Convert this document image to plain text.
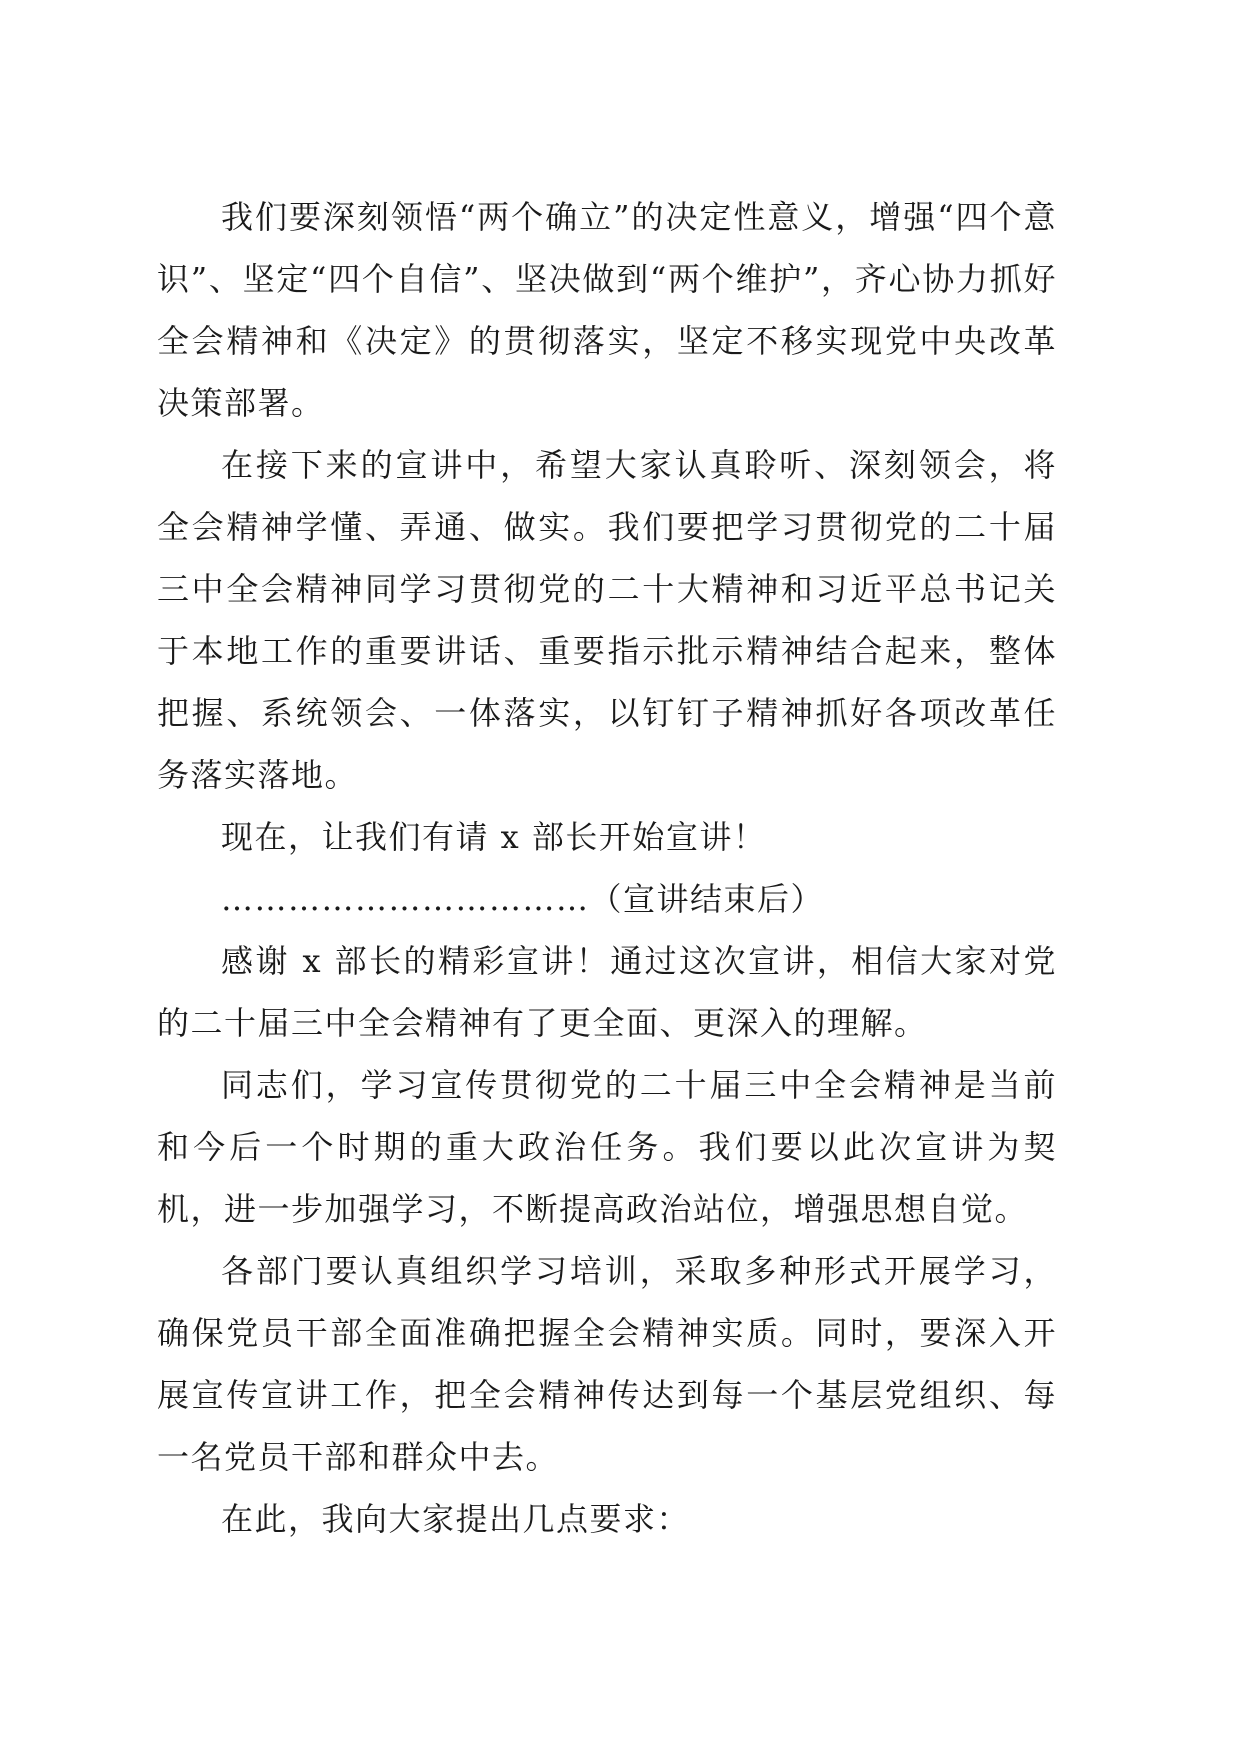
我们要深刻领悟“两个确立”的决定性意义，增强“四个意识”、坚定“四个自信”、坚决做到“两个维护”，齐心协力抓好全会精神和《决定》的贯彻落实，坚定不移实现党中央改革决策部署。

在接下来的宣讲中，希望大家认真聆听、深刻领会，将全会精神学懂、弄通、做实。我们要把学习贯彻党的二十届三中全会精神同学习贯彻党的二十大精神和习近平总书记关于本地工作的重要讲话、重要指示批示精神结合起来，整体把握、系统领会、一体落实，以钉钉子精神抓好各项改革任务落实落地。

现在，让我们有请 x 部长开始宣讲！

……………………………（宣讲结束后）

感谢 x 部长的精彩宣讲！通过这次宣讲，相信大家对党的二十届三中全会精神有了更全面、更深入的理解。

同志们，学习宣传贯彻党的二十届三中全会精神是当前和今后一个时期的重大政治任务。我们要以此次宣讲为契机，进一步加强学习，不断提高政治站位，增强思想自觉。

各部门要认真组织学习培训，采取多种形式开展学习，确保党员干部全面准确把握全会精神实质。同时，要深入开展宣传宣讲工作，把全会精神传达到每一个基层党组织、每一名党员干部和群众中去。

在此，我向大家提出几点要求：
